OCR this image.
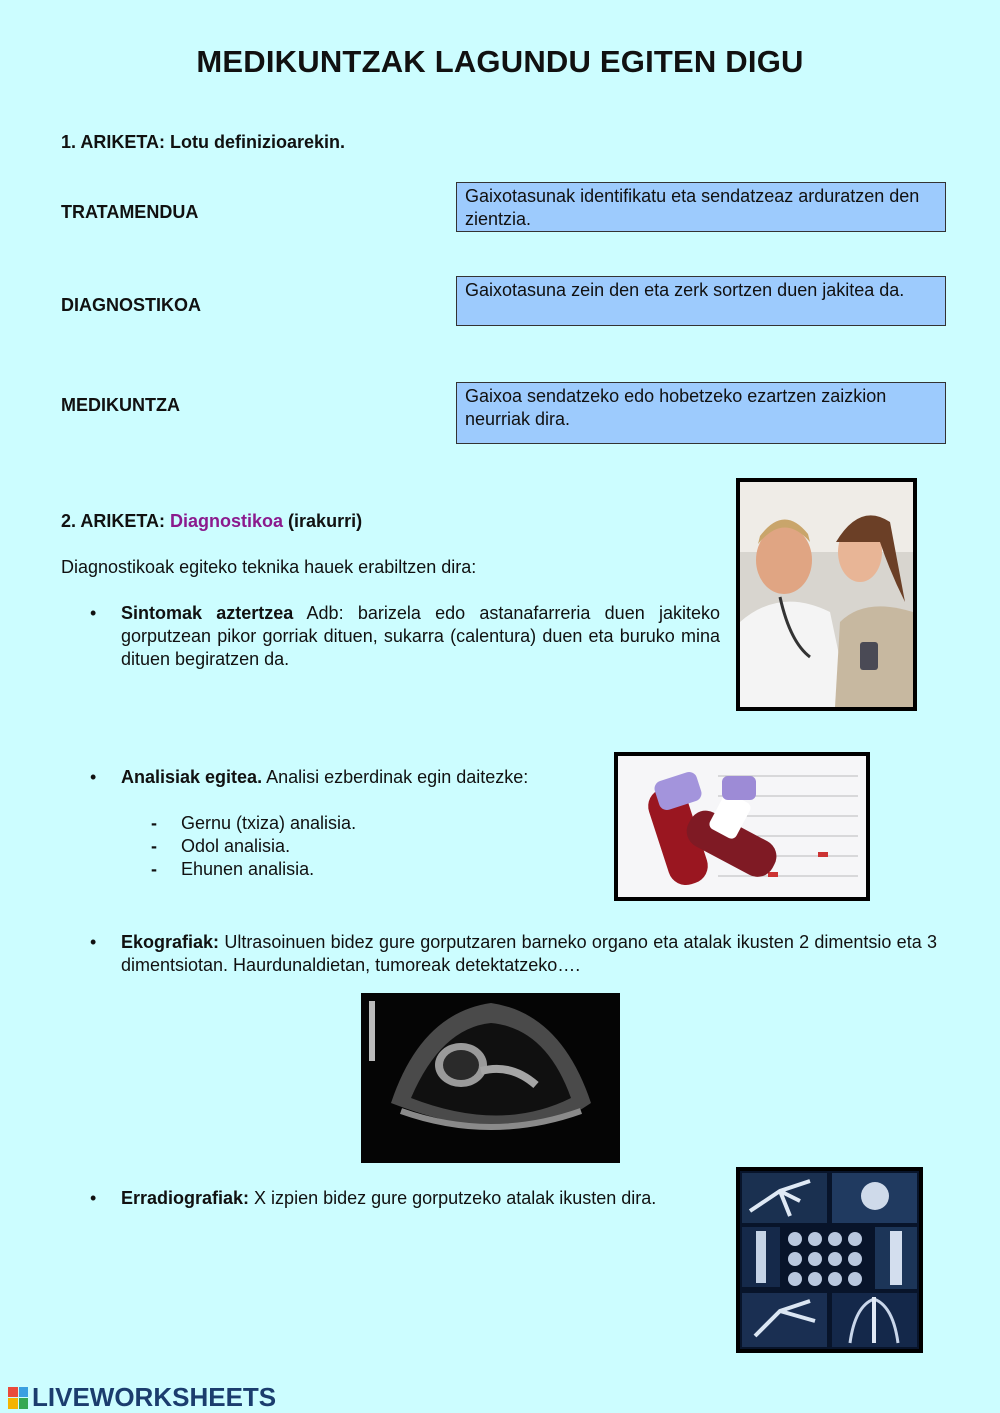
MEDIKUNTZAK LAGUNDU EGITEN DIGU
1. ARIKETA: Lotu definizioarekin.
TRATAMENDUA
DIAGNOSTIKOA
MEDIKUNTZA
Gaixotasunak identifikatu eta sendatzeaz arduratzen den zientzia.
Gaixotasuna zein den eta zerk sortzen duen jakitea da.
Gaixoa sendatzeko edo hobetzeko ezartzen zaizkion neurriak dira.
2. ARIKETA: Diagnostikoa (irakurri)
Diagnostikoak egiteko teknika hauek erabiltzen dira:
• Sintomak aztertzea Adb: barizela edo astanafarreria duen jakiteko gorputzean pikor gorriak dituen, sukarra (calentura) duen eta buruko mina dituen begiratzen da.
• Analisiak egitea. Analisi ezberdinak egin daitezke:
- Gernu (txiza) analisia.
- Odol analisia.
- Ehunen analisia.
• Ekografiak: Ultrasoinuen bidez gure gorputzaren barneko organo eta atalak ikusten 2 dimentsio eta 3 dimentsiotan. Haurdunaldietan, tumoreak detektatzeko….
• Erradiografiak: X izpien bidez gure gorputzeko atalak ikusten dira.
LIVEWORKSHEETS
